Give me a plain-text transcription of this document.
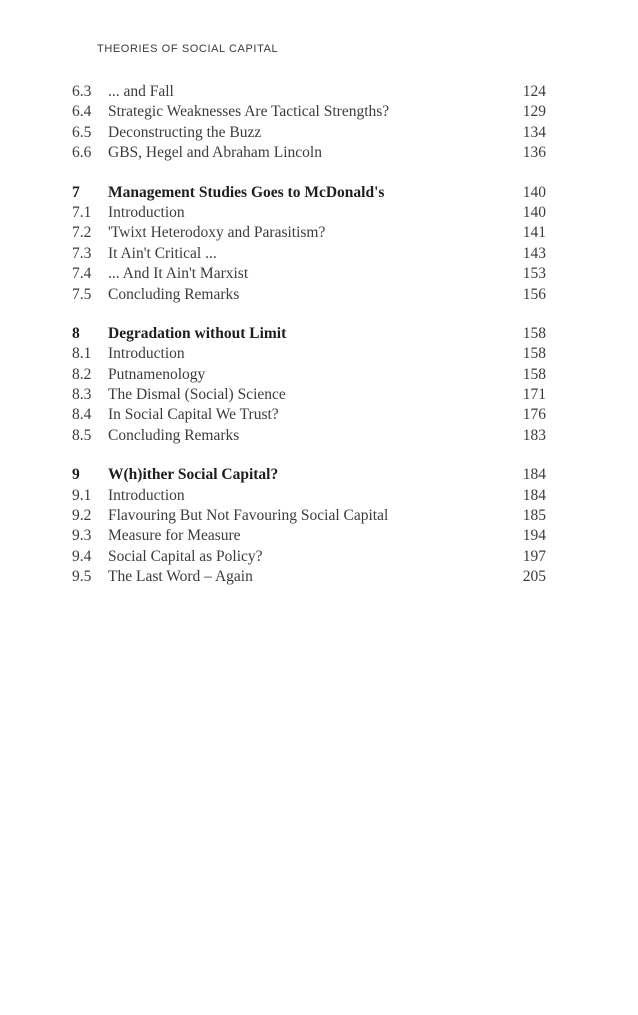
THEORIES OF SOCIAL CAPITAL
6.3	... and Fall	124
6.4	Strategic Weaknesses Are Tactical Strengths?	129
6.5	Deconstructing the Buzz	134
6.6	GBS, Hegel and Abraham Lincoln	136
7	Management Studies Goes to McDonald's	140
7.1	Introduction	140
7.2	'Twixt Heterodoxy and Parasitism?	141
7.3	It Ain't Critical ...	143
7.4	... And It Ain't Marxist	153
7.5	Concluding Remarks	156
8	Degradation without Limit	158
8.1	Introduction	158
8.2	Putnamenology	158
8.3	The Dismal (Social) Science	171
8.4	In Social Capital We Trust?	176
8.5	Concluding Remarks	183
9	W(h)ither Social Capital?	184
9.1	Introduction	184
9.2	Flavouring But Not Favouring Social Capital	185
9.3	Measure for Measure	194
9.4	Social Capital as Policy?	197
9.5	The Last Word – Again	205
